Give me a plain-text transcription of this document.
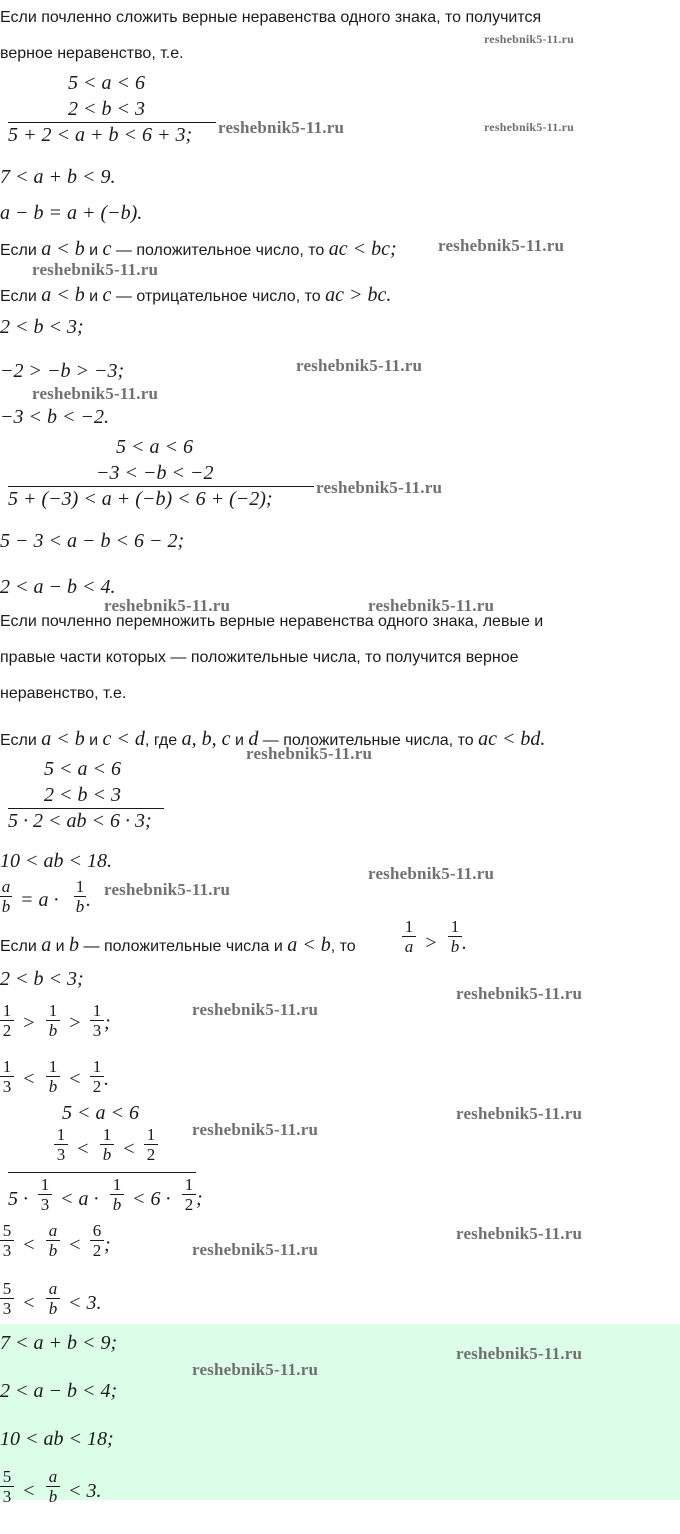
Если почленно сложить верные неравенства одного знака, то получится
reshebnik5-11.ru
верное неравенство, т.е.
5 < a < 6
2 < b < 3
5 + 2 < a + b < 6 + 3; reshebnik5-11.ru	reshebnik5-11.ru
7 < a + b < 9.
a − b = a + (−b).
Если a < b и c — положительное число, то ac < bc; reshebnik5-11.ru
reshebnik5-11.ru
Если a < b и c — отрицательное число, то ac > bc.
2 < b < 3;
−2 > −b > −3;	reshebnik5-11.ru
reshebnik5-11.ru
−3 < b < −2.
5 < a < 6
−3 < −b < −2
5 + (−3) < a + (−b) < 6 + (−2);
reshebnik5-11.ru
5 − 3 < a − b < 6 − 2;
2 < a − b < 4.
reshebnik5-11.ru	reshebnik5-11.ru
Если почленно перемножить верные неравенства одного знака, левые и
правые части которых — положительные числа, то получится верное
неравенство, т.е.
Если a < b и c < d, где a, b, c и d — положительные числа, то ac < bd.
reshebnik5-11.ru
5 < a < 6
2 < b < 3
5 · 2 < ab < 6 · 3;
10 < ab < 18.
reshebnik5-11.ru
a
b = a ·
1
b . reshebnik5-11.ru
Если a и b — положительные числа и a < b, то
1
a >
1
b .
2 < b < 3;
reshebnik5-11.ru
1
2 >
1
b >
1
3 ;
reshebnik5-11.ru
1
3 <
1
b <
1
2 .
5 < a < 6	reshebnik5-11.ru
reshebnik5-11.ru
1
3 <
1
b <
1
2
5 ·
1
3 < a ·
1
b < 6 ·
1
2 ;
5
3 <
a
b <
6
2 ;
reshebnik5-11.ru
reshebnik5-11.ru
5
3 <
a
b < 3.
7 < a + b < 9;	reshebnik5-11.ru
reshebnik5-11.ru
2 < a − b < 4;
10 < ab < 18;
5
3 <
a
b < 3.
